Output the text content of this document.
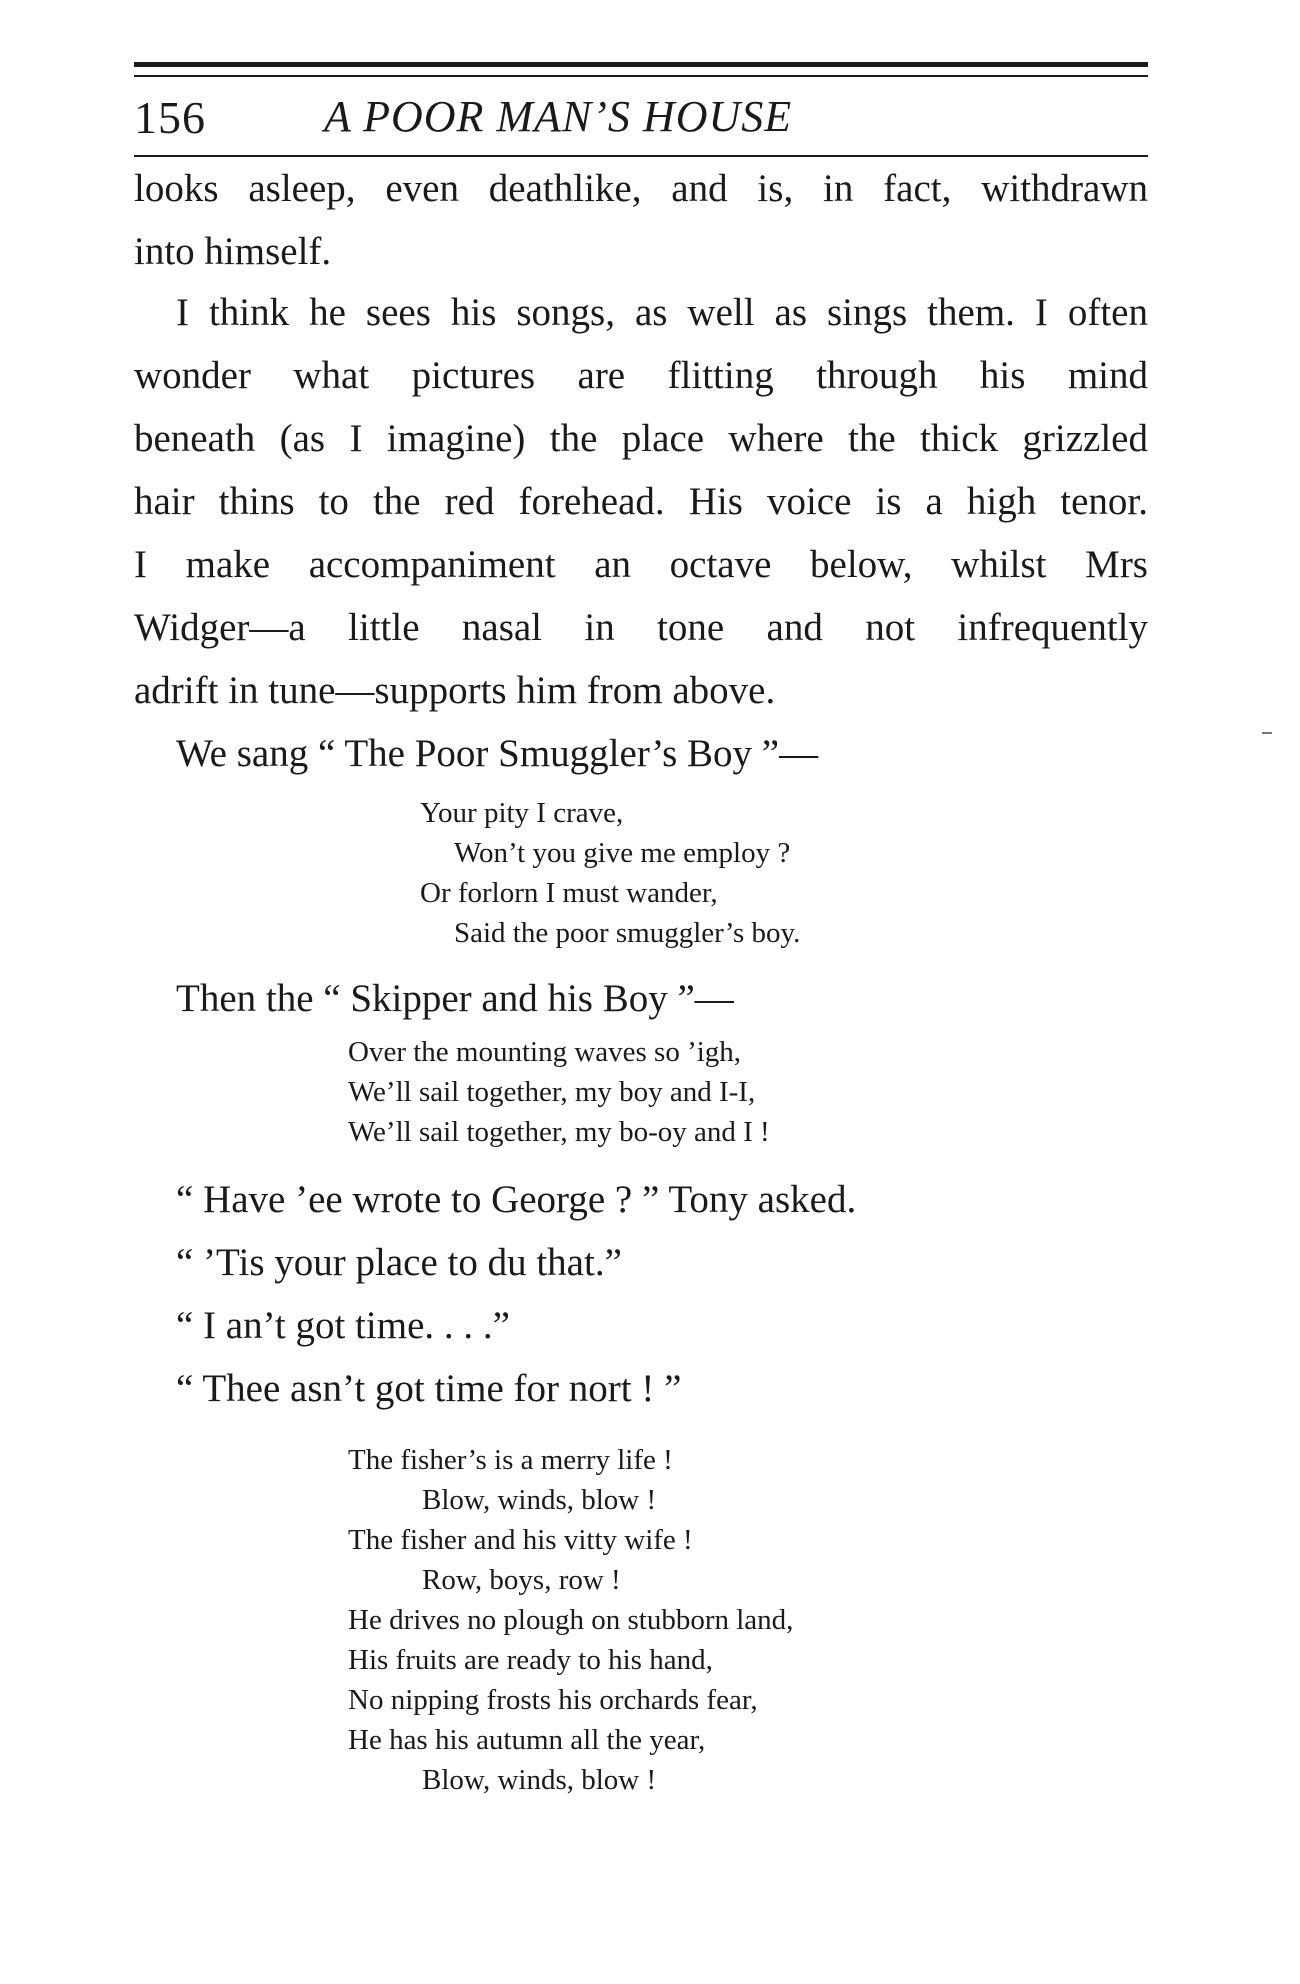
156	A POOR MAN’S HOUSE
looks asleep, even deathlike, and is, in fact, withdrawn
into himself.
I think he sees his songs, as well as sings them. I often
wonder what pictures are flitting through his mind
beneath (as I imagine) the place where the thick grizzled
hair thins to the red forehead. His voice is a high tenor.
I make accompaniment an octave below, whilst Mrs
Widger—a little nasal in tone and not infrequently
adrift in tune—supports him from above.
We sang “ The Poor Smuggler’s Boy ”—
Your pity I crave,
Won’t you give me employ ?
Or forlorn I must wander,
Said the poor smuggler’s boy.
Then the “ Skipper and his Boy ”—
Over the mounting waves so ’igh,
We’ll sail together, my boy and I-I,
We’ll sail together, my bo-oy and I !
“ Have ’ee wrote to George ? ” Tony asked.
“ ’Tis your place to du that.”
“ I an’t got time. . . .”
“ Thee asn’t got time for nort ! ”
The fisher’s is a merry life !
Blow, winds, blow !
The fisher and his vitty wife !
Row, boys, row !
He drives no plough on stubborn land,
His fruits are ready to his hand,
No nipping frosts his orchards fear,
He has his autumn all the year,
Blow, winds, blow !
